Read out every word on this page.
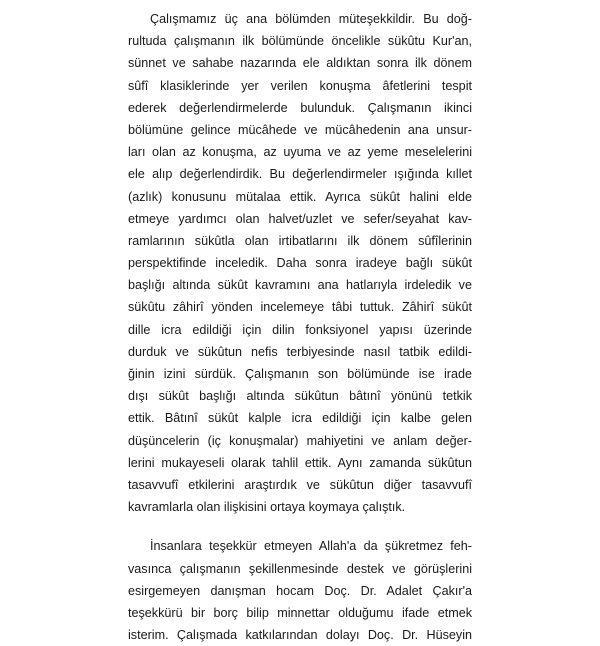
Çalışmamız üç ana bölümden müteşekkildir. Bu doğ-
rultuda çalışmanın ilk bölümünde öncelikle sükûtu Kur'an,
sünnet ve sahabe nazarında ele aldıktan sonra ilk dönem
sûfî klasiklerinde yer verilen konuşma âfetlerini tespit
ederek değerlendirmelerde bulunduk. Çalışmanın ikinci
bölümüne gelince mücâhede ve mücâhedenin ana unsur-
ları olan az konuşma, az uyuma ve az yeme meselelerini
ele alıp değerlendirdik. Bu değerlendirmeler ışığında kıllet
(azlık) konusunu mütalaa ettik. Ayrıca sükût halini elde
etmeye yardımcı olan halvet/uzlet ve sefer/seyahat kav-
ramlarının sükûtla olan irtibatlarını ilk dönem sûfîlerinin
perspektifinde inceledik. Daha sonra iradeye bağlı sükût
başlığı altında sükût kavramını ana hatlarıyla irdeledik ve
sükûtu zâhirî yönden incelemeye tâbi tuttuk. Zâhirî sükût
dille icra edildiği için dilin fonksiyonel yapısı üzerinde
durduk ve sükûtun nefis terbiyesinde nasıl tatbik edildi-
ğinin izini sürdük. Çalışmanın son bölümünde ise irade
dışı sükût başlığı altında sükûtun bâtınî yönünü tetkik
ettik. Bâtınî sükût kalple icra edildiği için kalbe gelen
düşüncelerin (iç konuşmalar) mahiyetini ve anlam değer-
lerini mukayeseli olarak tahlil ettik. Aynı zamanda sükûtun
tasavvufî etkilerini araştırdık ve sükûtun diğer tasavvufî
kavramlarla olan ilişkisini ortaya koymaya çalıştık.
İnsanlara teşekkür etmeyen Allah'a da şükretmez feh-
vasınca çalışmanın şekillenmesinde destek ve görüşlerini
esirgemeyen danışman hocam Doç. Dr. Adalet Çakır'a
teşekkürü bir borç bilip minnettar olduğumu ifade etmek
isterim. Çalışmada katkılarından dolayı Doç. Dr. Hüseyin
